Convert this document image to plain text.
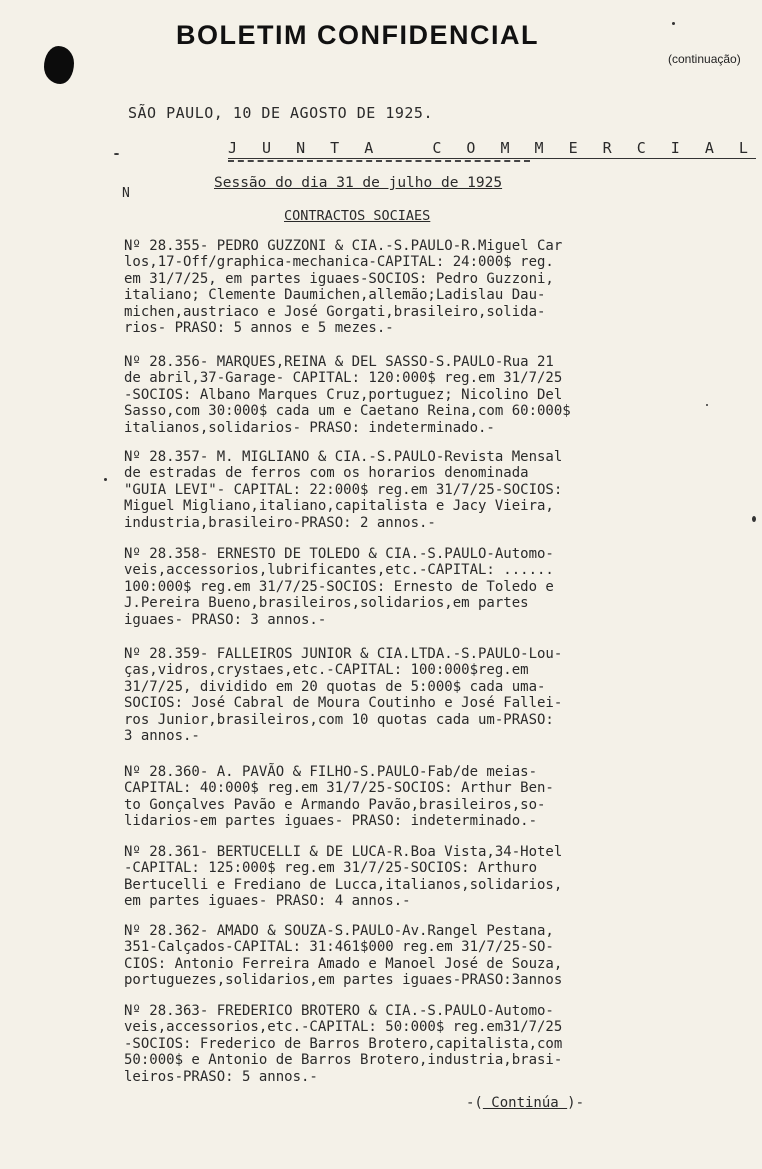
BOLETIM CONFIDENCIAL
(continuação)
SÃO PAULO, 10 DE AGOSTO DE 1925.
J U N T A   C O M M E R C I A L
Sessão do dia 31 de julho de 1925
N
CONTRACTOS SOCIAES
Nº 28.355- PEDRO GUZZONI & CIA.-S.PAULO-R.Miguel Car
los,17-Off/graphica-mechanica-CAPITAL: 24:000$ reg.
em 31/7/25, em partes iguaes-SOCIOS: Pedro Guzzoni,
italiano; Clemente Daumichen,allemão;Ladislau Dau-
michen,austriaco e José Gorgati,brasileiro,solida-
rios- PRASO: 5 annos e 5 mezes.-
Nº 28.356- MARQUES,REINA & DEL SASSO-S.PAULO-Rua 21
de abril,37-Garage- CAPITAL: 120:000$ reg.em 31/7/25
-SOCIOS: Albano Marques Cruz,portuguez; Nicolino Del
Sasso,com 30:000$ cada um e Caetano Reina,com 60:000$
italianos,solidarios- PRASO: indeterminado.-
Nº 28.357- M. MIGLIANO & CIA.-S.PAULO-Revista Mensal
de estradas de ferros com os horarios denominada
"GUIA LEVI"- CAPITAL: 22:000$ reg.em 31/7/25-SOCIOS:
Miguel Migliano,italiano,capitalista e Jacy Vieira,
industria,brasileiro-PRASO: 2 annos.-
Nº 28.358- ERNESTO DE TOLEDO & CIA.-S.PAULO-Automo-
veis,accessorios,lubrificantes,etc.-CAPITAL: ......
100:000$ reg.em 31/7/25-SOCIOS: Ernesto de Toledo e
J.Pereira Bueno,brasileiros,solidarios,em partes
iguaes- PRASO: 3 annos.-
Nº 28.359- FALLEIROS JUNIOR & CIA.LTDA.-S.PAULO-Lou-
ças,vidros,crystaes,etc.-CAPITAL: 100:000$reg.em
31/7/25, dividido em 20 quotas de 5:000$ cada uma-
SOCIOS: José Cabral de Moura Coutinho e José Fallei-
ros Junior,brasileiros,com 10 quotas cada um-PRASO:
3 annos.-
Nº 28.360- A. PAVÃO & FILHO-S.PAULO-Fab/de meias-
CAPITAL: 40:000$ reg.em 31/7/25-SOCIOS: Arthur Ben-
to Gonçalves Pavão e Armando Pavão,brasileiros,so-
lidarios-em partes iguaes- PRASO: indeterminado.-
Nº 28.361- BERTUCELLI & DE LUCA-R.Boa Vista,34-Hotel
-CAPITAL: 125:000$ reg.em 31/7/25-SOCIOS: Arthuro
Bertucelli e Frediano de Lucca,italianos,solidarios,
em partes iguaes- PRASO: 4 annos.-
Nº 28.362- AMADO & SOUZA-S.PAULO-Av.Rangel Pestana,
351-Calçados-CAPITAL: 31:461$000 reg.em 31/7/25-SO-
CIOS: Antonio Ferreira Amado e Manoel José de Souza,
portuguezes,solidarios,em partes iguaes-PRASO:3annos
Nº 28.363- FREDERICO BROTERO & CIA.-S.PAULO-Automo-
veis,accessorios,etc.-CAPITAL: 50:000$ reg.em31/7/25
-SOCIOS: Frederico de Barros Brotero,capitalista,com
50:000$ e Antonio de Barros Brotero,industria,brasi-
leiros-PRASO: 5 annos.-
-( Continúa )-
